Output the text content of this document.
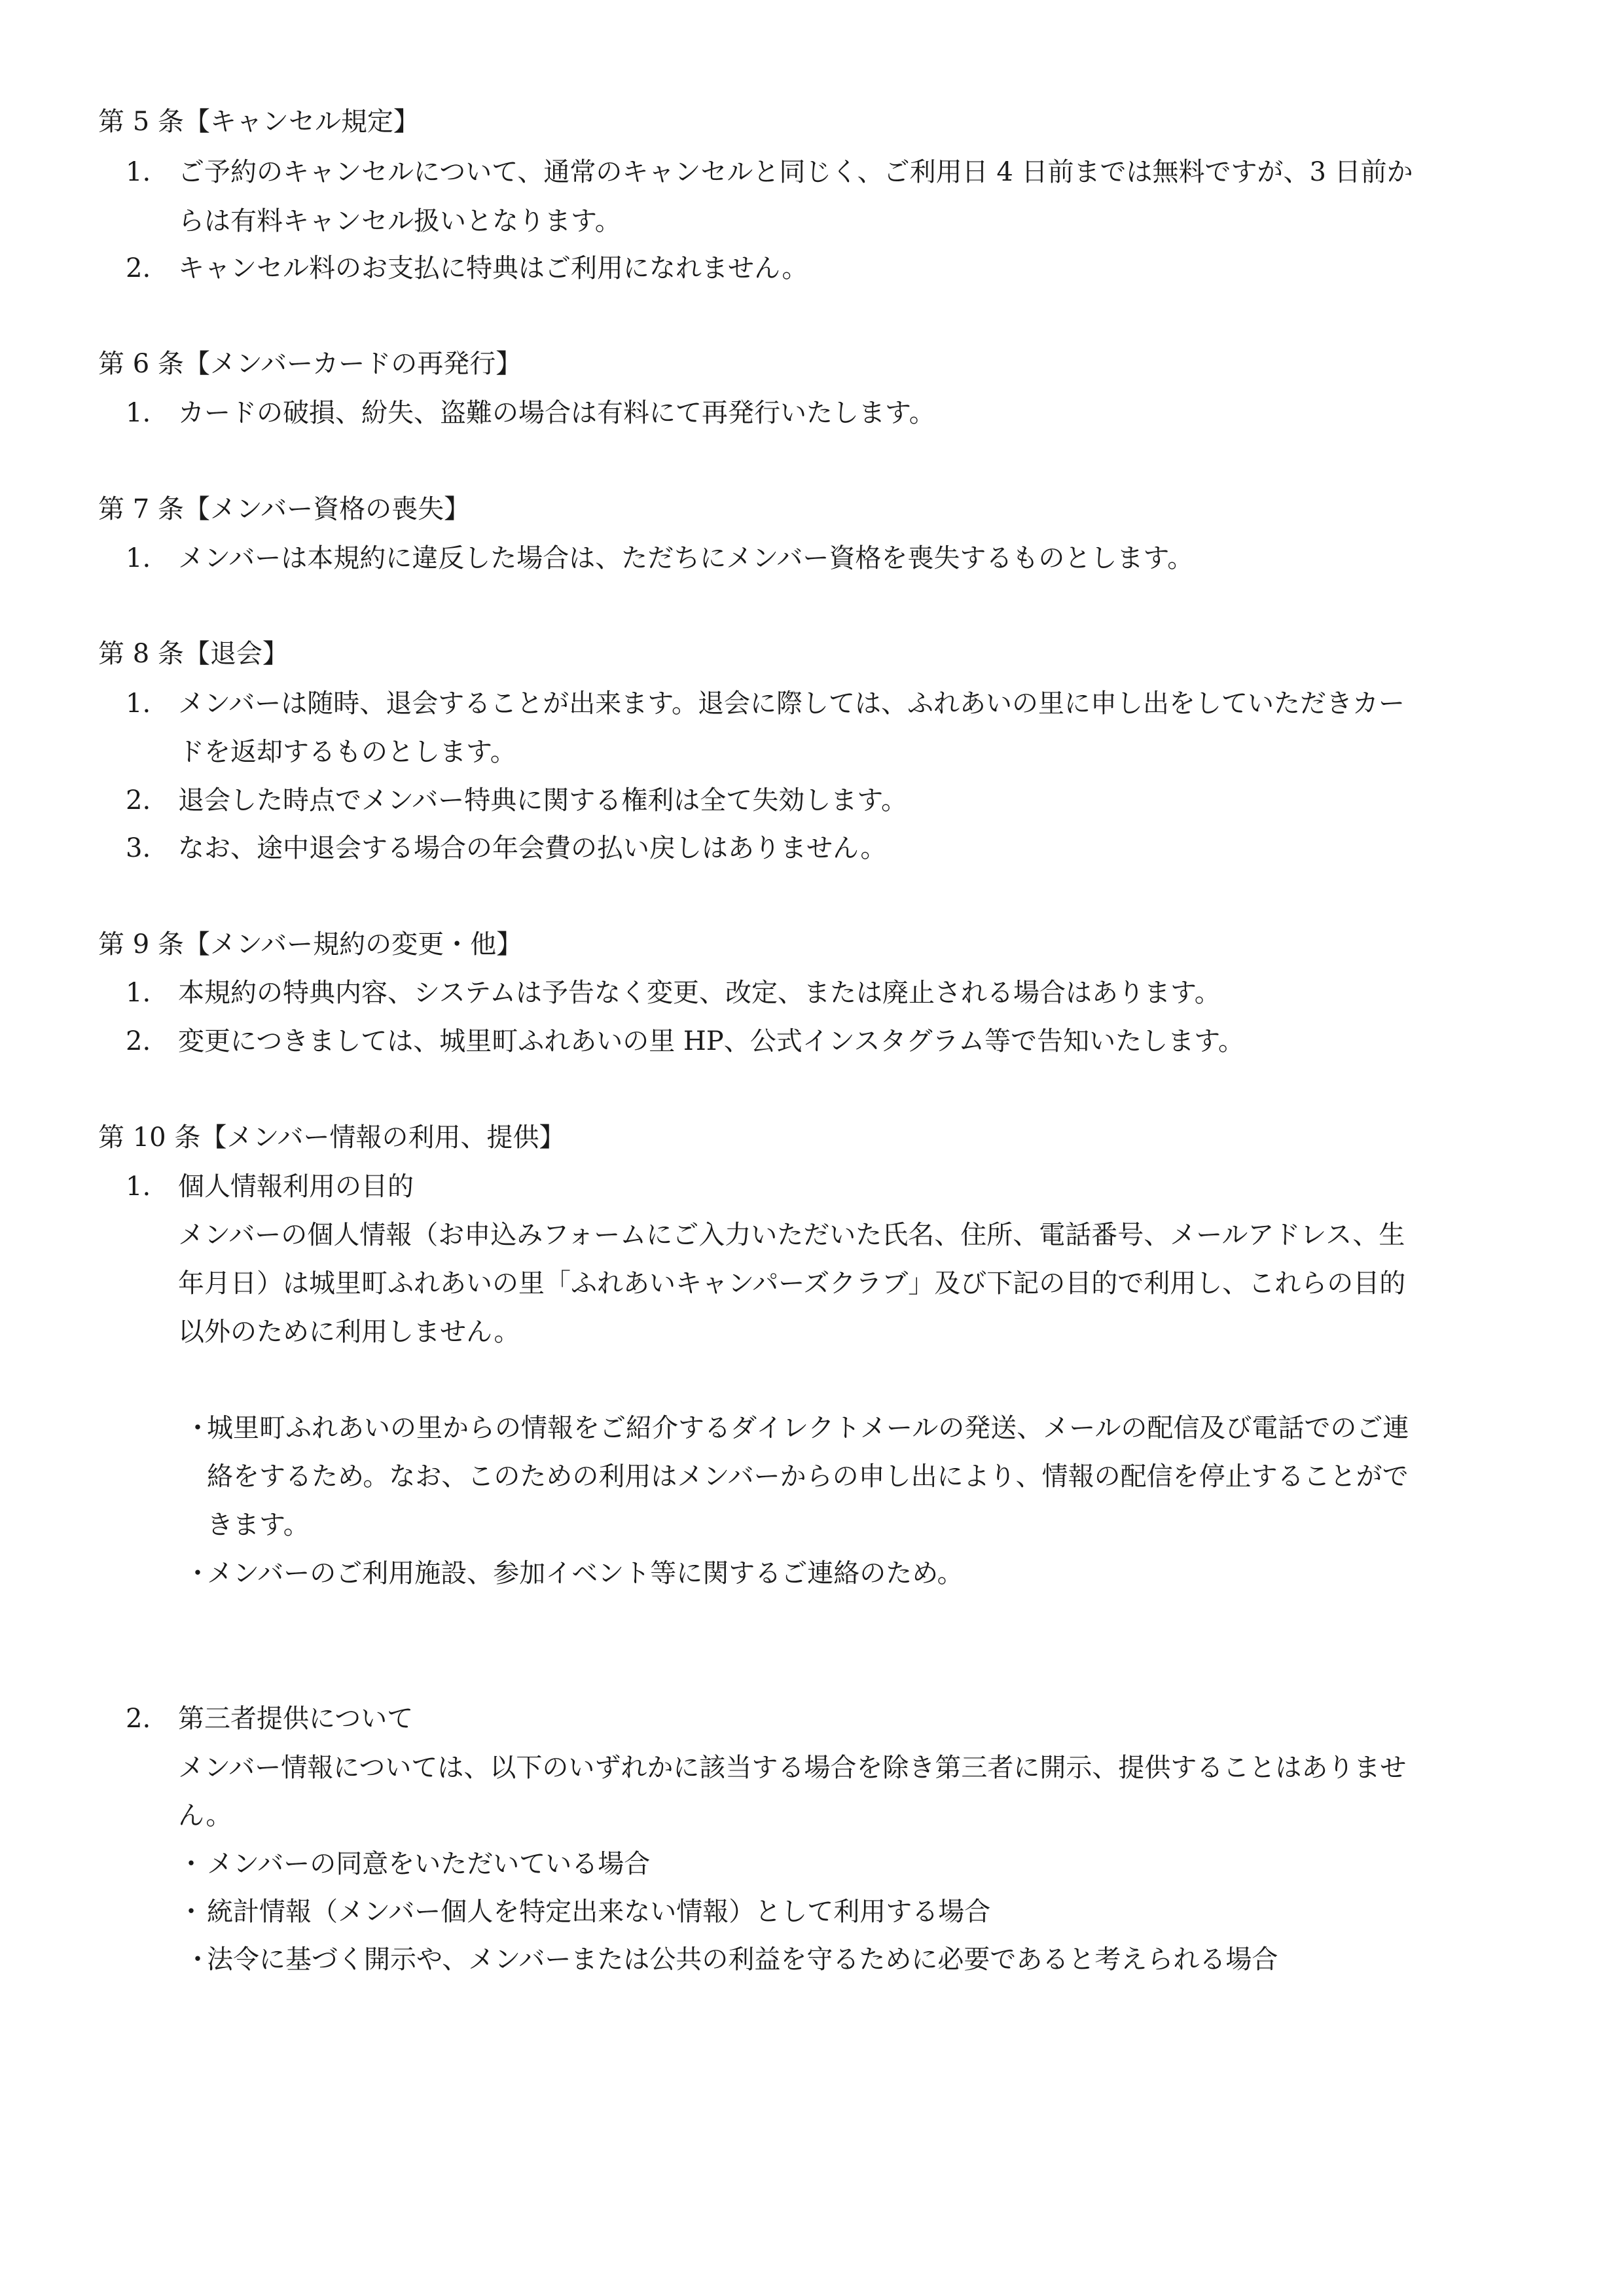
第 5 条【キャンセル規定】
1. ご予約のキャンセルについて、通常のキャンセルと同じく、ご利用日 4 日前までは無料ですが、3 日前か
らは有料キャンセル扱いとなります。
2. キャンセル料のお支払に特典はご利用になれません。
第 6 条【メンバーカードの再発行】
1. カードの破損、紛失、盗難の場合は有料にて再発行いたします。
第 7 条【メンバー資格の喪失】
1. メンバーは本規約に違反した場合は、ただちにメンバー資格を喪失するものとします。
第 8 条【退会】
1. メンバーは随時、退会することが出来ます。退会に際しては、ふれあいの里に申し出をしていただきカー
ドを返却するものとします。
2. 退会した時点でメンバー特典に関する権利は全て失効します。
3. なお、途中退会する場合の年会費の払い戻しはありません。
第 9 条【メンバー規約の変更・他】
1. 本規約の特典内容、システムは予告なく変更、改定、または廃止される場合はあります。
2. 変更につきましては、城里町ふれあいの里 HP、公式インスタグラム等で告知いたします。
第 10 条【メンバー情報の利用、提供】
1. 個人情報利用の目的
メンバーの個人情報（お申込みフォームにご入力いただいた氏名、住所、電話番号、メールアドレス、生
年月日）は城里町ふれあいの里「ふれあいキャンパーズクラブ」及び下記の目的で利用し、これらの目的
以外のために利用しません。
・
城里町ふれあいの里からの情報をご紹介するダイレクトメールの発送、メールの配信及び電話でのご連
絡をするため。なお、このための利用はメンバーからの申し出により、情報の配信を停止することがで
きます。
・
メンバーのご利用施設、参加イベント等に関するご連絡のため。
2. 第三者提供について
メンバー情報については、以下のいずれかに該当する場合を除き第三者に開示、提供することはありませ
ん。
・ メンバーの同意をいただいている場合
・ 統計情報（メンバー個人を特定出来ない情報）として利用する場合
・
法令に基づく開示や、メンバーまたは公共の利益を守るために必要であると考えられる場合
